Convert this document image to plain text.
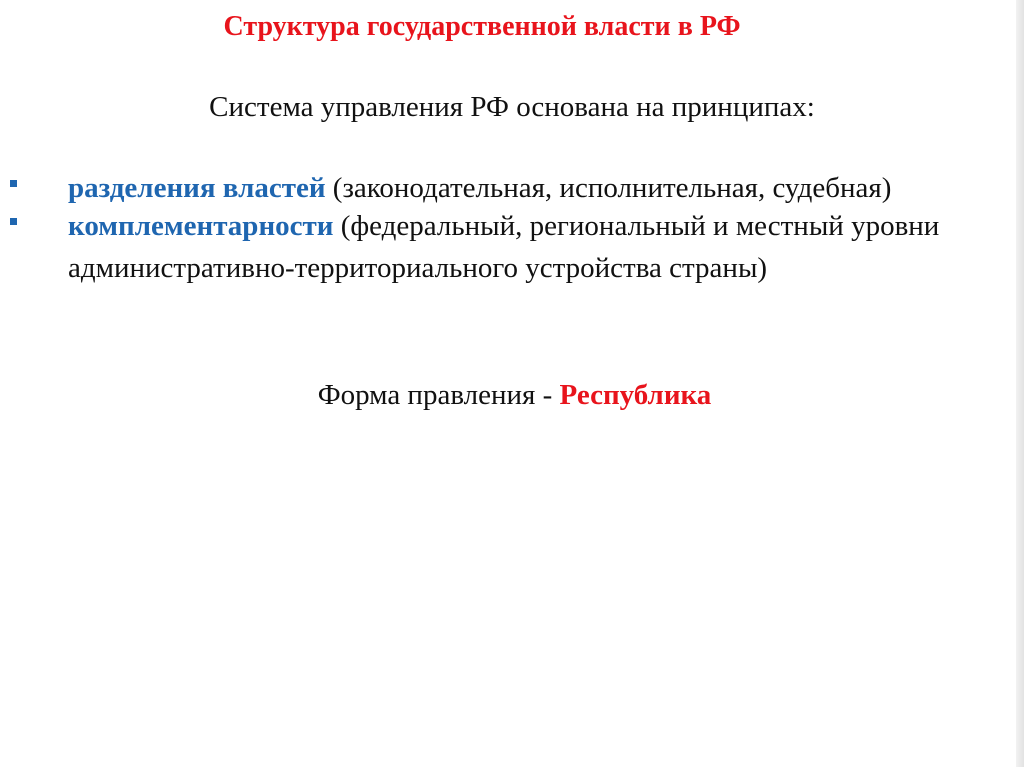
Структура государственной власти в РФ
Система управления РФ основана на принципах:
разделения властей (законодательная, исполнительная, судебная)
комплементарности (федеральный, региональный и местный уровни административно-территориального устройства страны)
Форма правления - Республика
